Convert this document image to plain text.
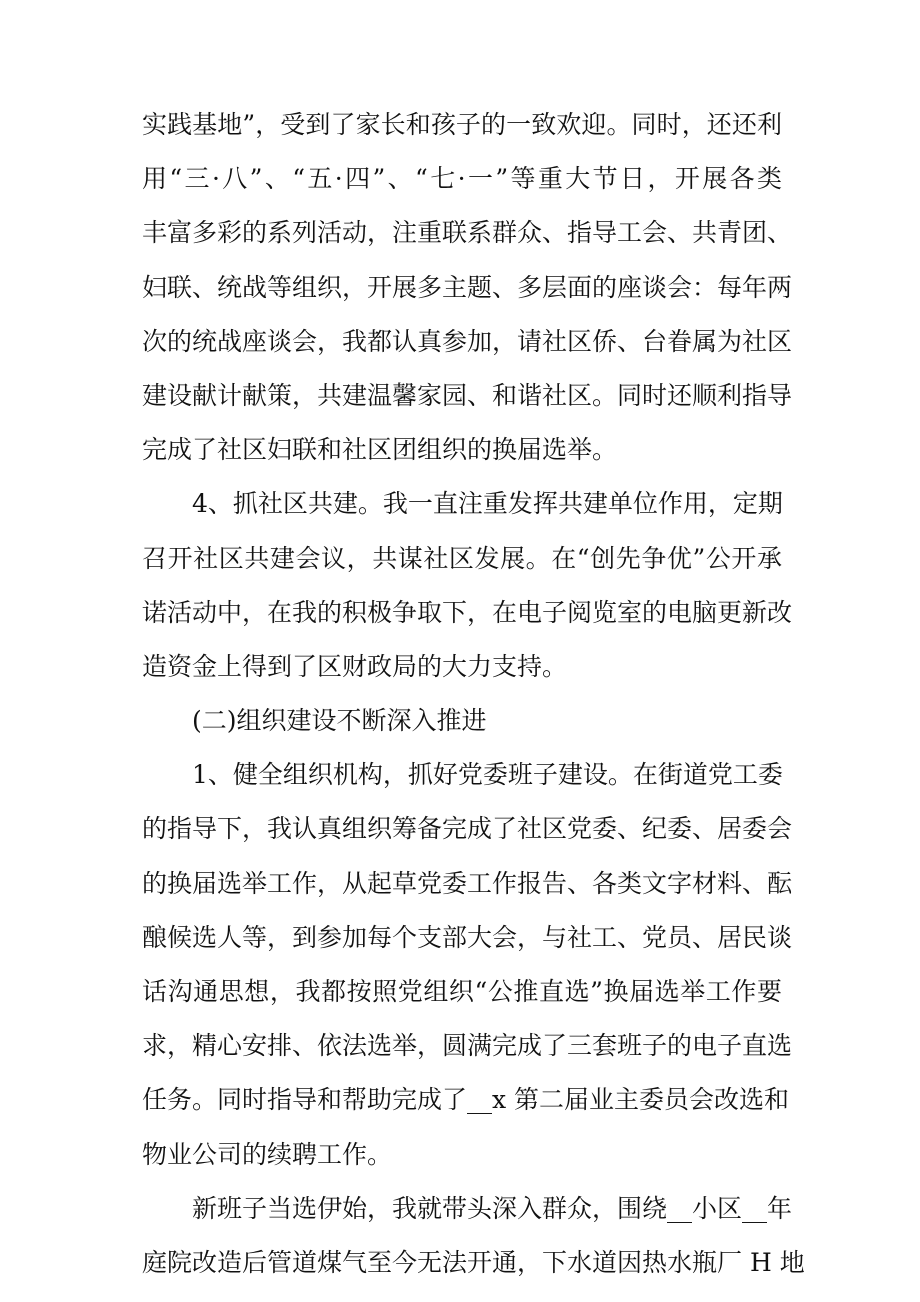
实践基地”，受到了家长和孩子的一致欢迎。同时，还还利
用“三·八”、“五·四”、“七·一”等重大节日，开展各类
丰富多彩的系列活动，注重联系群众、指导工会、共青团、
妇联、统战等组织，开展多主题、多层面的座谈会：每年两
次的统战座谈会，我都认真参加，请社区侨、台眷属为社区
建设献计献策，共建温馨家园、和谐社区。同时还顺利指导
完成了社区妇联和社区团组织的换届选举。
4、抓社区共建。我一直注重发挥共建单位作用，定期
召开社区共建会议，共谋社区发展。在“创先争优”公开承
诺活动中，在我的积极争取下，在电子阅览室的电脑更新改
造资金上得到了区财政局的大力支持。
(二)组织建设不断深入推进
1、健全组织机构，抓好党委班子建设。在街道党工委
的指导下，我认真组织筹备完成了社区党委、纪委、居委会
的换届选举工作，从起草党委工作报告、各类文字材料、酝
酿候选人等，到参加每个支部大会，与社工、党员、居民谈
话沟通思想，我都按照党组织“公推直选”换届选举工作要
求，精心安排、依法选举，圆满完成了三套班子的电子直选
任务。同时指导和帮助完成了__x 第二届业主委员会改选和
物业公司的续聘工作。
新班子当选伊始，我就带头深入群众，围绕__小区__年
庭院改造后管道煤气至今无法开通，下水道因热水瓶厂 H 地
